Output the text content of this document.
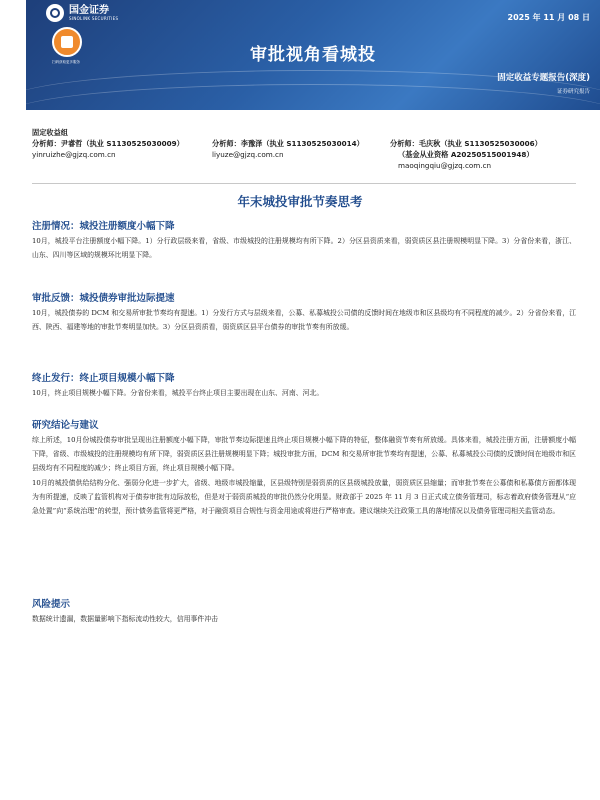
国金证券
SINOLINK SECURITIES
扫码获取更多服务
2025 年 11 月 08 日
审批视角看城投
固定收益专题报告(深度)
证券研究报告
固定收益组
分析师：尹睿哲（执业 S1130525030009）	分析师：李豫泽（执业 S1130525030014）	分析师：毛庆秋（执业 S1130525030006）
yinruizhe@gjzq.com.cn	liyuze@gjzq.com.cn	（基金从业资格 A20250515001948）
maoqingqiu@gjzq.com.cn
年末城投审批节奏思考
注册情况：城投注册额度小幅下降

10月，城投平台注册额度小幅下降。1）分行政层级来看，省级、市级城投的注册规模均有所下降。2）分区县资质来看，弱资质区县注册规模明显下降。3）分省份来看，浙江、山东、四川等区域的规模环比明显下降。

审批反馈：城投债券审批边际提速

10月，城投债券的 DCM 和交易所审批节奏均有提速。1）分发行方式与层级来看，公募、私募城投公司债的反馈时间在地级市和区县级均有不同程度的减少。2）分省份来看，江西、陕西、福建等地的审批节奏明显加快。3）分区县资质看，弱资质区县平台债券的审批节奏有所放缓。

终止发行：终止项目规模小幅下降

10月，终止项目规模小幅下降。分省份来看，城投平台终止项目主要出现在山东、河南、河北。

研究结论与建议

综上所述，10月份城投债券审批呈现出注册额度小幅下降，审批节奏边际提速且终止项目规模小幅下降的特征，整体融资节奏有所放缓。具体来看，城投注册方面，注册额度小幅下降，省级、市级城投的注册规模均有所下降，弱资质区县注册规模明显下降；城投审批方面，DCM 和交易所审批节奏均有提速，公募、私募城投公司债的反馈时间在地级市和区县级均有不同程度的减少；终止项目方面，终止项目规模小幅下降。

10月的城投债供给结构分化、强弱分化进一步扩大，省级、地级市城投缩量，区县级特别是弱资质的区县级城投放量，弱资质区县缩量；而审批节奏在公募债和私募债方面都体现为有所提速，反映了监管机构对于债券审批有边际放松，但是对于弱资质城投的审批仍然分化明显。财政部于 2025 年 11 月 3 日正式成立债务管理司，标志着政府债务管理从“应急处置”向“系统治理”的转型，预计债务监管将更严格，对于融资项目合规性与资金用途或将进行严格审查。建议继续关注政策工具的落地情况以及债务管理司相关监管动态。

风险提示

数据统计遗漏，数据量影响下指标流动性较大，信用事件冲击
